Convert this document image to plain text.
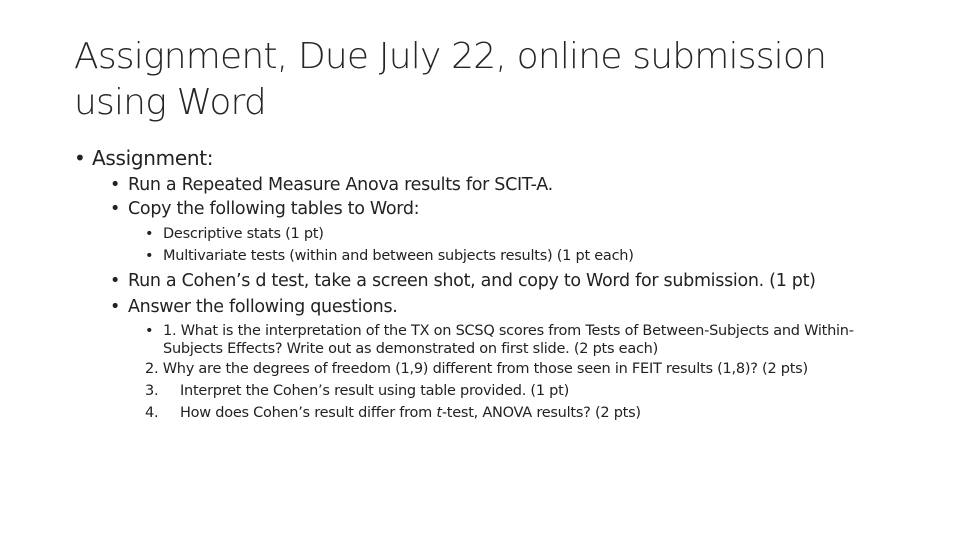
Assignment, Due July 22, online submission using Word
• Assignment:
• Run a Repeated Measure Anova results for SCIT-A.
• Copy the following tables to Word:
• Descriptive stats (1 pt)
• Multivariate tests (within and between subjects results) (1 pt each)
• Run a Cohen’s d test, take a screen shot, and copy to Word for submission. (1 pt)
• Answer the following questions.
• 1. What is the interpretation of the TX on SCSQ scores from Tests of Between-Subjects and Within-Subjects Effects? Write out as demonstrated on first slide. (2 pts each)
2. Why are the degrees of freedom (1,9) different from those seen in FEIT results (1,8)? (2 pts)
3. Interpret the Cohen’s result using table provided. (1 pt)
4. How does Cohen’s result differ from t-test, ANOVA results? (2 pts)
